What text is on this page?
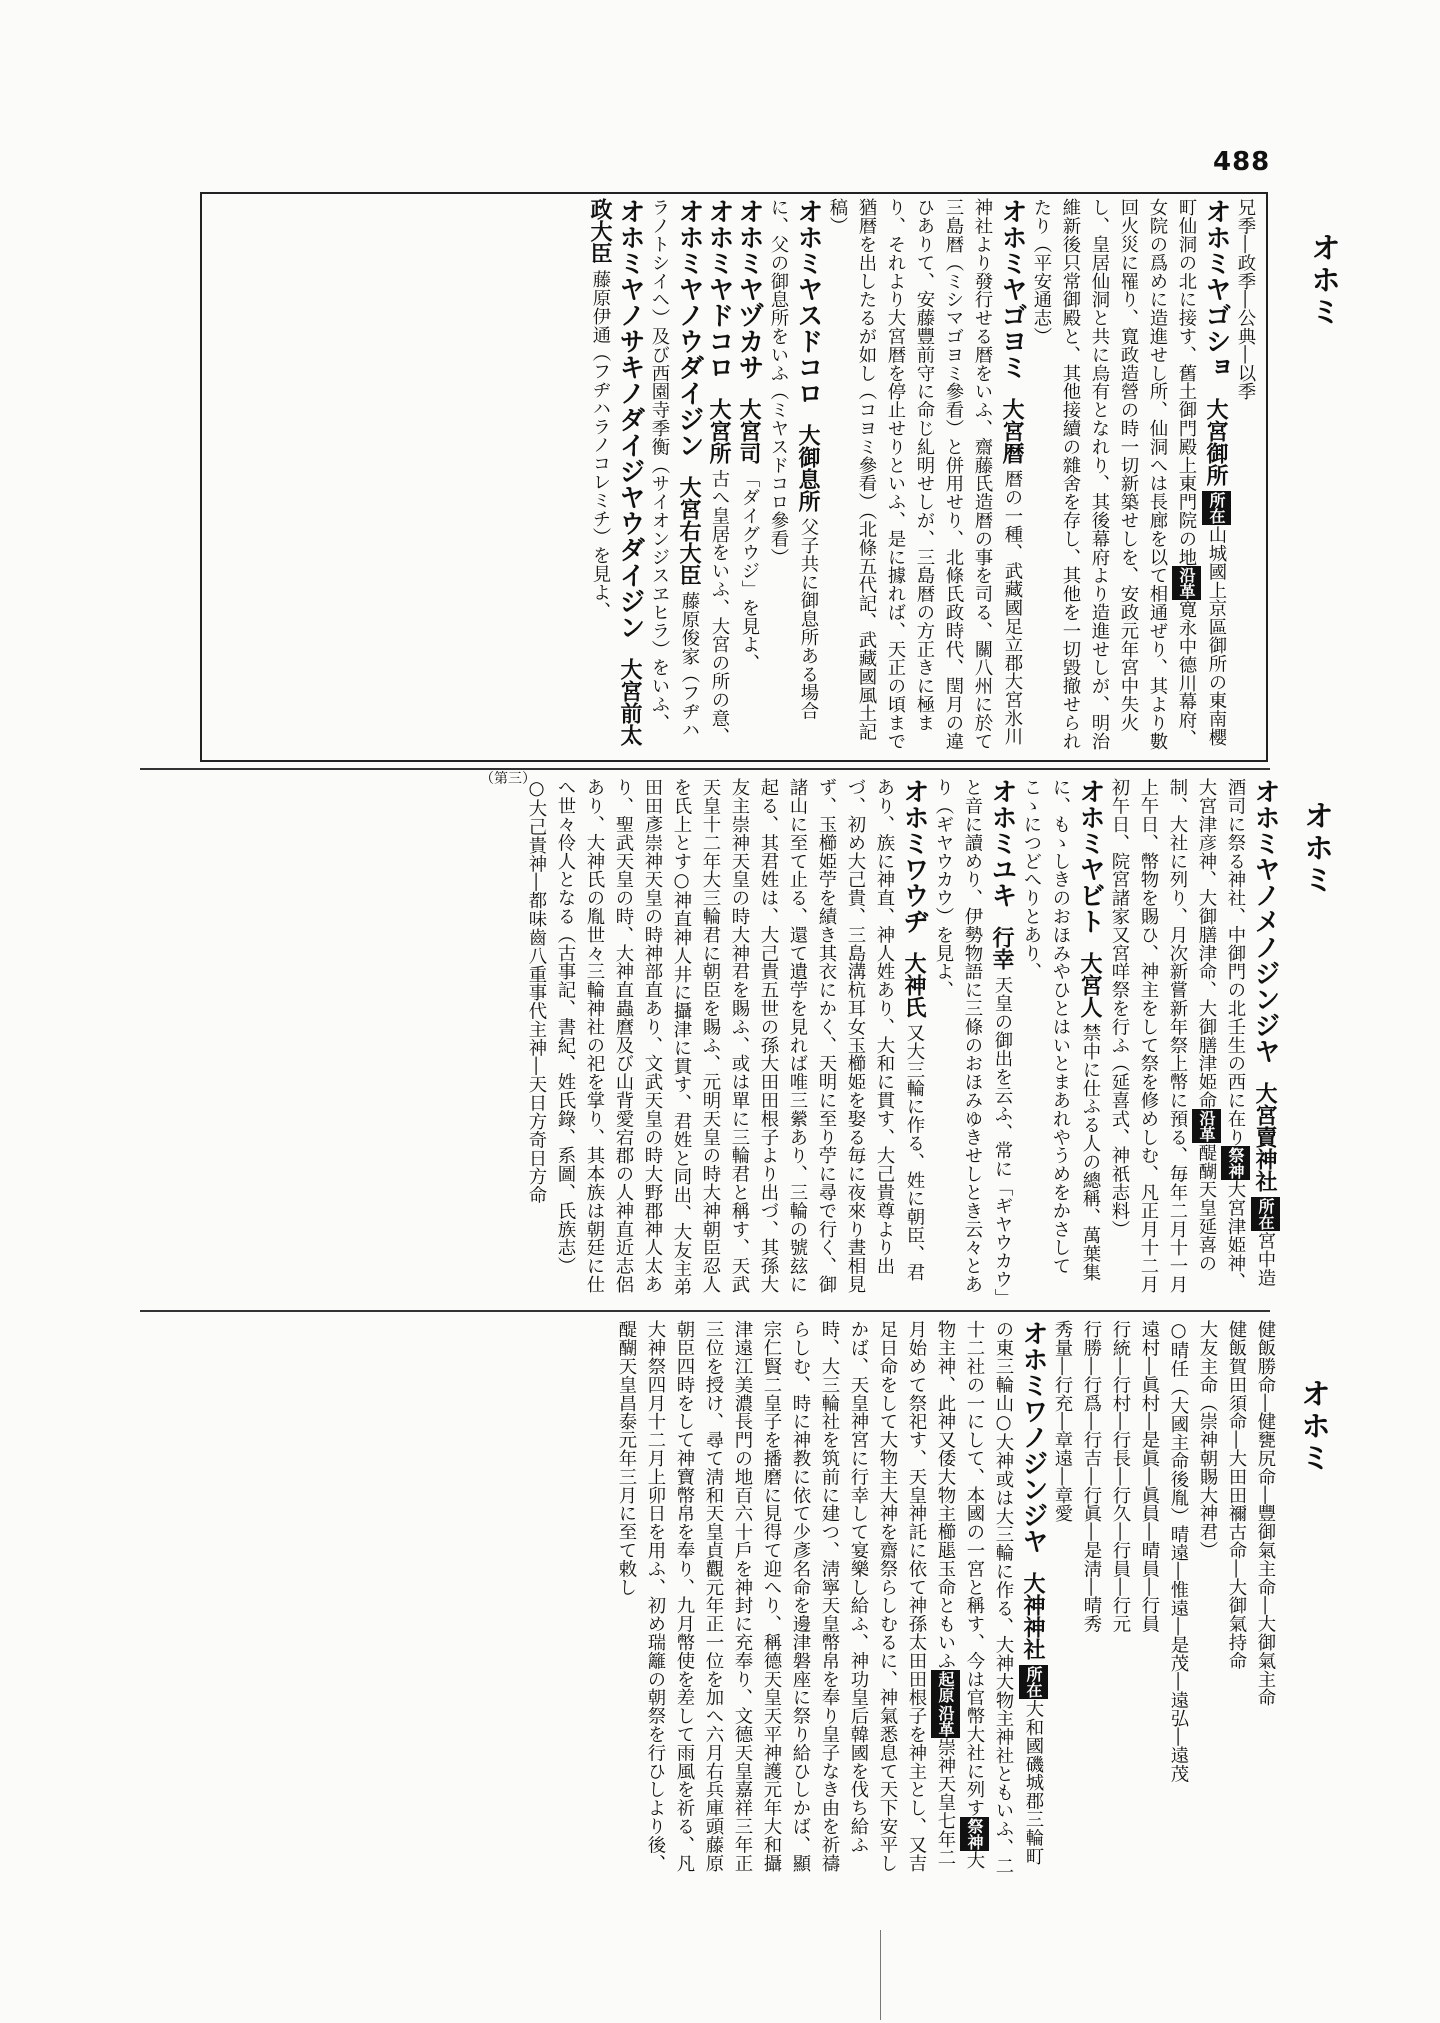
488
オホミ
オホミ
オホミ
兄季―政季―公典―以季
オホミヤゴショ大宮御所 所在山城國上京區御所の東南櫻町仙洞の北に接す、舊土御門殿上東門院の地沿革寛永中德川幕府、女院の爲めに造進せし所、仙洞へは長廊を以て相通ぜり、其より數回火災に罹り、寬政造營の時一切新築せしを、安政元年宮中失火し、皇居仙洞と共に烏有となれり、其後幕府より造進せしが、明治維新後只常御殿と、其他接續の雜舍を存し、其他を一切毀撤せられたり（平安通志）
オホミヤゴヨミ大宮暦 暦の一種、武藏國足立郡大宮氷川神社より發行せる暦をいふ、齋藤氏造暦の事を司る、關八州に於て三島暦（ミシマゴヨミ參看）と併用せり、北條氏政時代、閏月の違ひありて、安藤豐前守に命じ糺明せしが、三島暦の方正きに極まり、それより大宮暦を停止せりといふ、是に據れば、天正の頃まで猶暦を出したるが如し（コヨミ參看）（北條五代記、武藏國風土記稿）
オホミヤスドコロ大御息所 父子共に御息所ある場合に、父の御息所をいふ（ミヤスドコロ參看）
オホミヤヅカサ大宮司 「ダイグウジ」を見よ、
オホミヤドコロ大宮所 古へ皇居をいふ、大宮の所の意、
オホミヤノウダイジン大宮右大臣 藤原俊家（フヂハラノトシイヘ）及び西園寺季衡（サイオンジスヱヒラ）をいふ、
オホミヤノサキノダイジヤウダイジン大宮前太政大臣 藤原伊通（フヂハラノコレミチ）を見よ、
オホミヤノメノジンジヤ大宮賣神社 所在宮中造酒司に祭る神社、中御門の北壬生の西に在り祭神大宮津姫神、大宮津彦神、大御膳津命、大御膳津姫命沿革醍醐天皇延喜の制、大社に列り、月次新嘗新年祭上幣に預る、毎年二月十一月上午日、幣物を賜ひ、神主をして祭を修めしむ、凡正月十二月初午日、院宮諸家又宮咩祭を行ふ（延喜式、神祇志料）
オホミヤビト大宮人 禁中に仕ふる人の總稱、萬葉集に、もゝしきのおほみやひとはいとまあれやうめをかさしてこゝにつどへりとあり、
オホミユキ行幸 天皇の御出を云ふ、常に「ギヤウカウ」と音に讀めり、伊勢物語に三條のおほみゆきせしとき云々とあり（ギヤウカウ）を見よ、
オホミワウヂ大神氏 又大三輪に作る、姓に朝臣、君あり、族に神直、神人姓あり、大和に貫す、大己貴尊より出づ、初め大己貴、三島溝杭耳女玉櫛姫を娶る毎に夜來り晝相見ず、玉櫛姫苧を績き其衣にかく、天明に至り苧に尋で行く、御諸山に至て止る、還て遺苧を見れば唯三縈あり、三輪の號玆に起る、其君姓は、大己貴五世の孫大田田根子より出づ、其孫大友主崇神天皇の時大神君を賜ふ、或は單に三輪君と稱す、天武天皇十二年大三輪君に朝臣を賜ふ、元明天皇の時大神朝臣忍人を氏上とす○神直神人井に攝津に貫す、君姓と同出、大友主弟田田彥崇神天皇の時神部直あり、文武天皇の時大野郡神人太あり、聖武天皇の時、大神直蟲麿及び山背愛宕郡の人神直近志侶あり、大神氏の胤世々三輪神社の祀を掌り、其本族は朝廷に仕へ世々伶人となる（古事記、書紀、姓氏錄、系圖、氏族志）
○大己貴神―都味齒八重事代主神―天日方奇日方命
（第三）
健飯勝命―健甕尻命―豐御氣主命―大御氣主命
健飯賀田須命―大田田禰古命―大御氣持命
大友主命（崇神朝賜大神君）
○晴任（大國主命後胤）晴遠―惟遠―是茂―遠弘―遠茂
遠村―眞村―是眞―眞員―晴員―行員
行統―行村―行長―行久―行員―行元
行勝―行爲―行吉―行眞―是淸―晴秀
秀量―行充―章遠―章愛
オホミワノジンジヤ大神神社 所在大和國磯城郡三輪町の東三輪山○大神或は大三輪に作る、大神大物主神社ともいふ、二十二社の一にして、本國の一宮と稱す、今は官幣大社に列す祭神大物主神、此神又倭大物主櫛𤭖玉命ともいふ起原沿革崇神天皇七年二月始めて祭祀す、天皇神託に依て神孫太田田根子を神主とし、又吉足日命をして大物主大神を齋祭らしむるに、神氣悉息て天下安平しかば、天皇神宮に行幸して宴樂し給ふ、神功皇后韓國を伐ち給ふ時、大三輪社を筑前に建つ、淸寧天皇幣帛を奉り皇子なき由を祈禱らしむ、時に神教に依て少彥名命を邊津磐座に祭り給ひしかば、顯宗仁賢二皇子を播磨に見得て迎へり、稱德天皇天平神護元年大和攝津遠江美濃長門の地百六十戶を神封に充奉り、文德天皇嘉祥三年正三位を授け、尋て淸和天皇貞觀元年正一位を加へ六月右兵庫頭藤原朝臣四時をして神寶幣帛を奉り、九月幣使を差して雨風を祈る、凡大神祭四月十二月上卯日を用ふ、初め瑞籬の朝祭を行ひしより後、醍醐天皇昌泰元年三月に至て敕し
